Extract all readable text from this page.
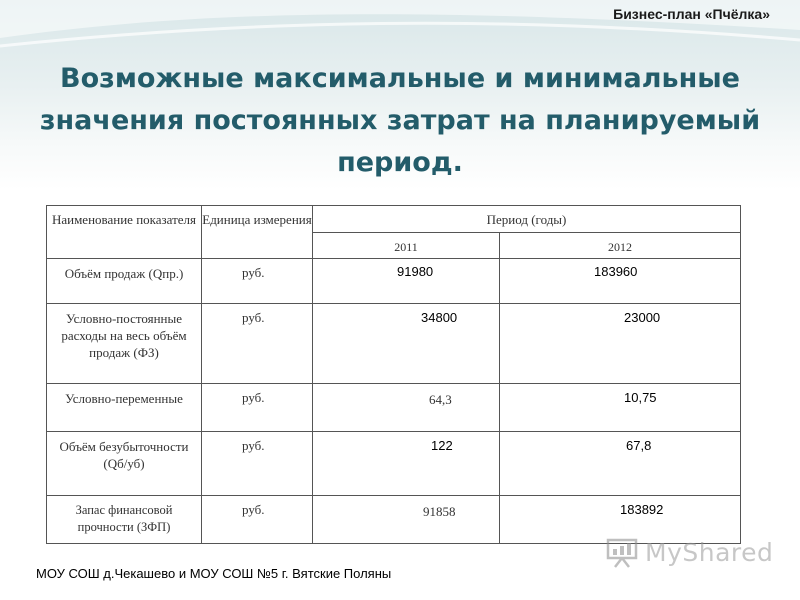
Бизнес-план «Пчёлка»
Возможные максимальные и минимальные
значения постоянных затрат на планируемый
период.
Наименование показателя	Единица измерения	Период (годы)	
		2011	2012
Объём продаж (Qпр.)	руб.	91980	183960
Условно-постоянные расходы на весь объём продаж (ФЗ)	руб.	34800	23000
Условно-переменные	руб.	64,3	10,75
Объём безубыточности (Qб/уб)	руб.	122	67,8
Запас финансовой прочности (ЗФП)	руб.	91858	183892
МОУ СОШ д.Чекашево и МОУ СОШ №5 г. Вятские Поляны
MyShared
